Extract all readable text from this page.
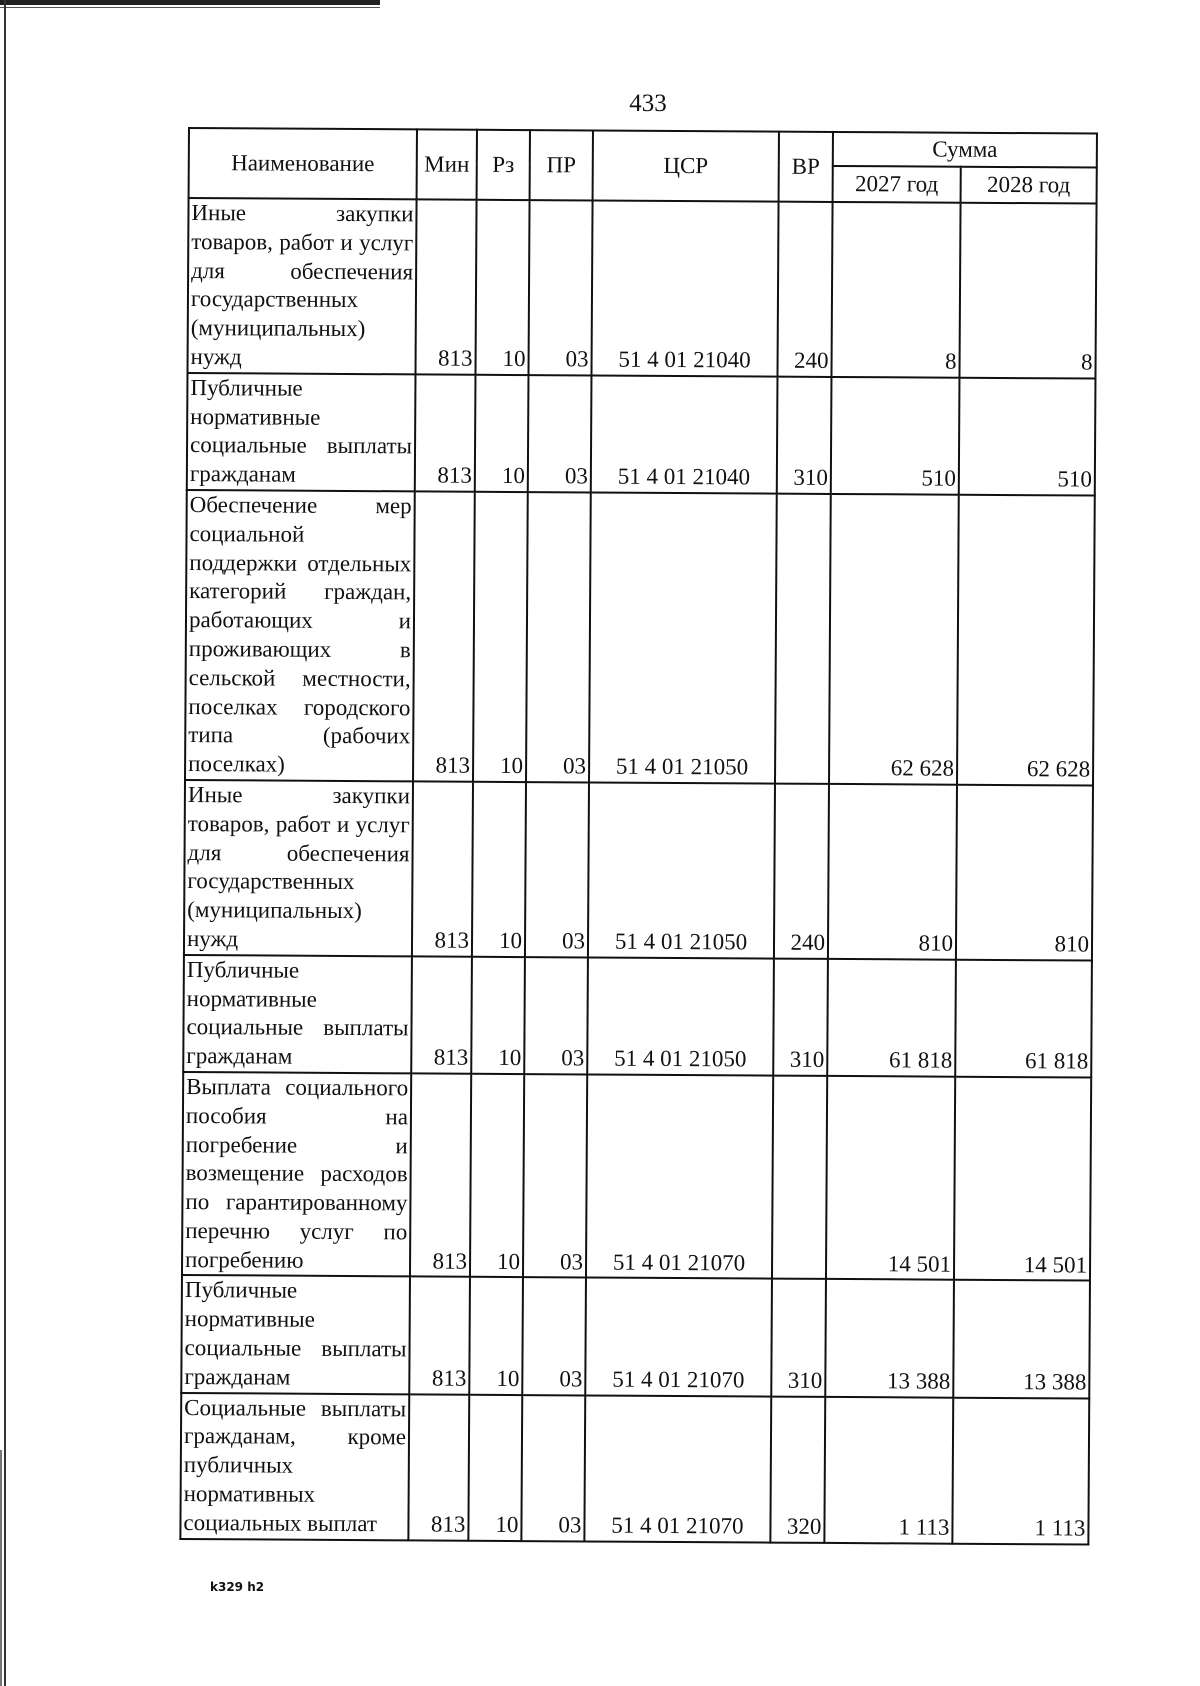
433
Наименование	Мин	Рз	ПР	ЦСР	ВР	Сумма	
						2027 год	2028 год
Иные закупки товаров, работ и услуг для обеспечения государственных (муниципальных) нужд	813	10	03	51 4 01 21040	240	8	8
Публичные нормативные социальные выплаты гражданам	813	10	03	51 4 01 21040	310	510	510
Обеспечение мер социальной поддержки отдельных категорий граждан, работающих и проживающих в сельской местности, поселках городского типа (рабочих поселках)	813	10	03	51 4 01 21050		62 628	62 628
Иные закупки товаров, работ и услуг для обеспечения государственных (муниципальных) нужд	813	10	03	51 4 01 21050	240	810	810
Публичные нормативные социальные выплаты гражданам	813	10	03	51 4 01 21050	310	61 818	61 818
Выплата социального пособия на погребение и возмещение расходов по гарантированному перечню услуг по погребению	813	10	03	51 4 01 21070		14 501	14 501
Публичные нормативные социальные выплаты гражданам	813	10	03	51 4 01 21070	310	13 388	13 388
Социальные выплаты гражданам, кроме публичных нормативных социальных выплат	813	10	03	51 4 01 21070	320	1 113	1 113
k329 h2
